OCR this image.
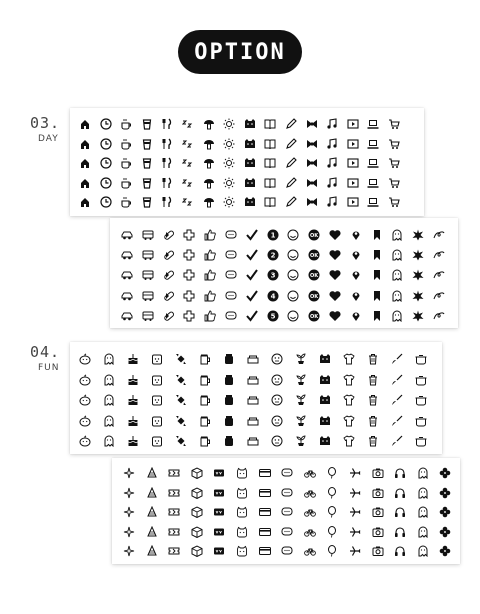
OPTION
03.
DAY
04.
FUN
1	OK
2	OK
3	OK
4	OK
5	OK
